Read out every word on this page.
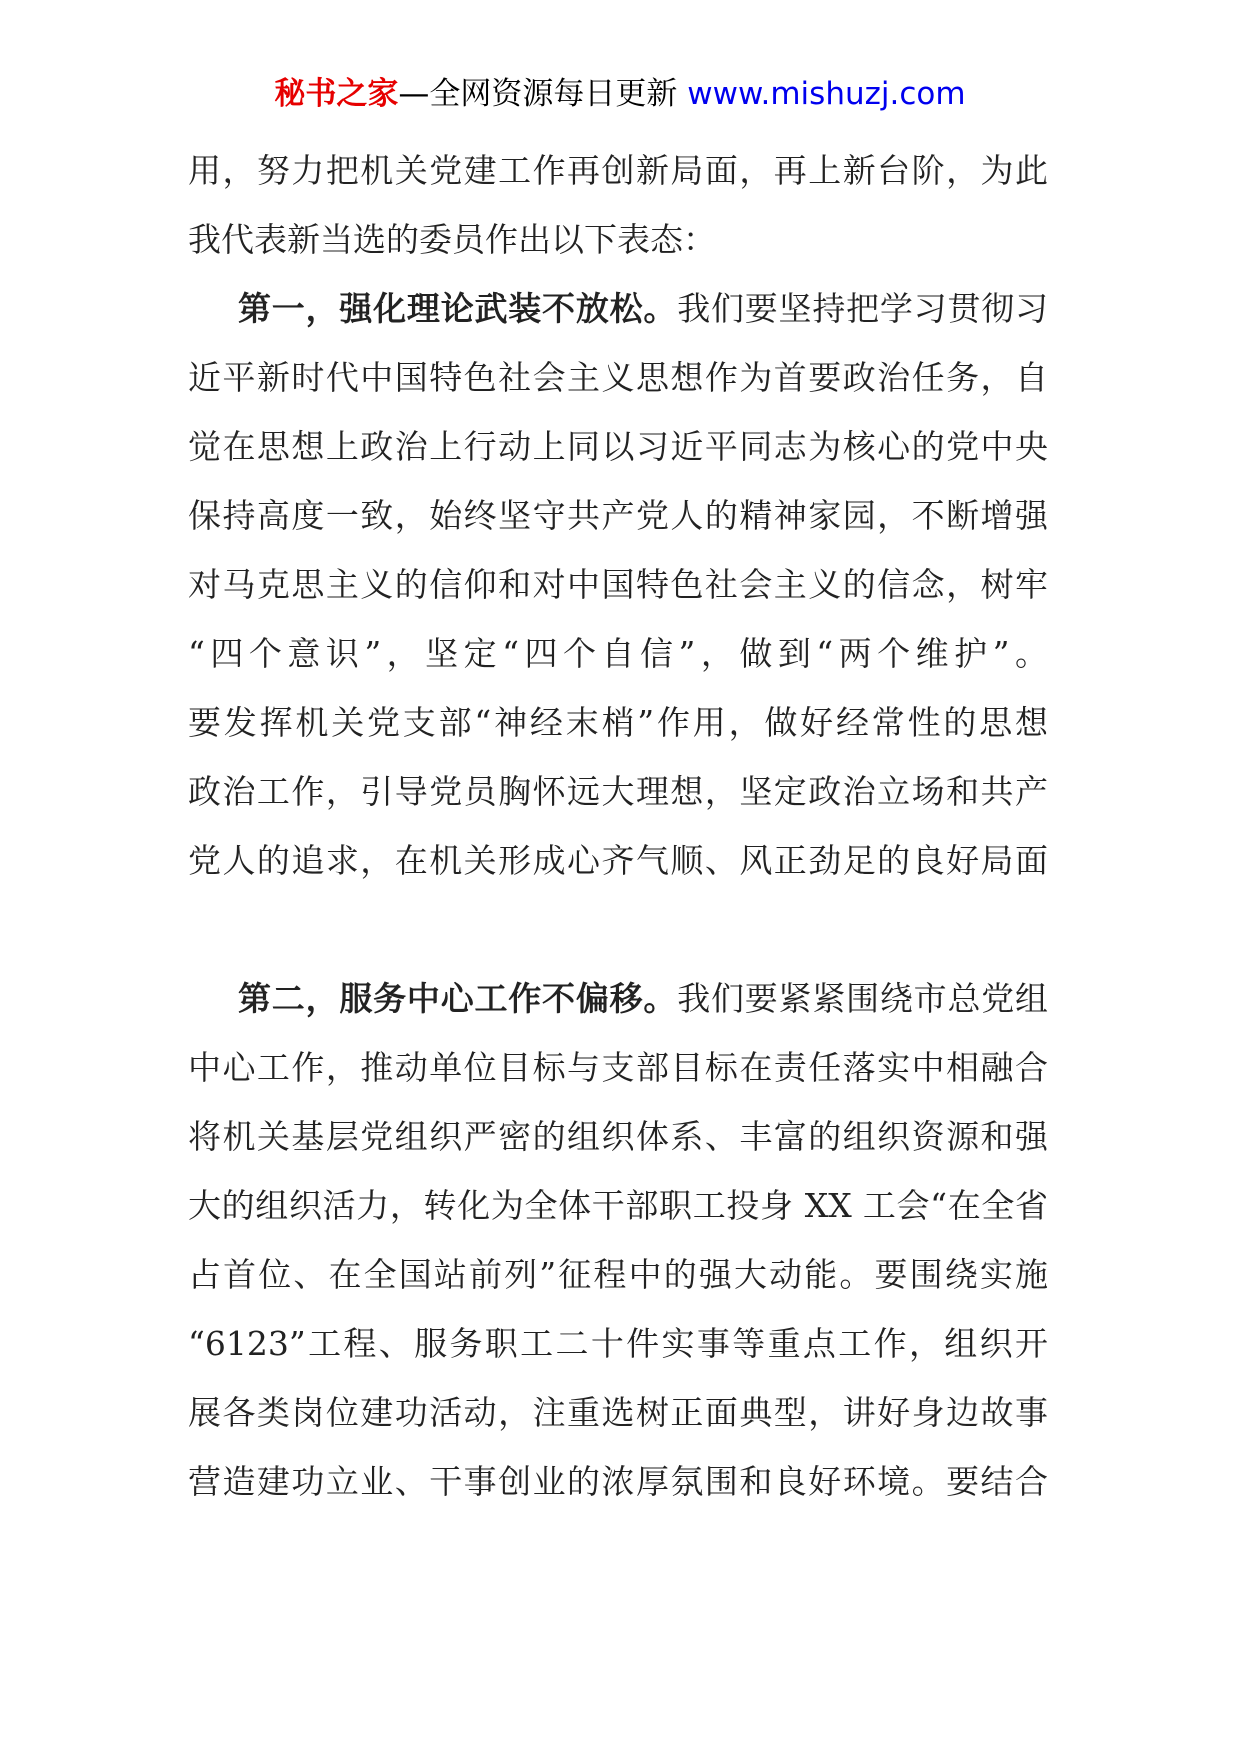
秘书之家—全网资源每日更新 www.mishuzj.com
用，努力把机关党建工作再创新局面，再上新台阶，为此
我代表新当选的委员作出以下表态：
第一，强化理论武装不放松。我们要坚持把学习贯彻习
近平新时代中国特色社会主义思想作为首要政治任务，自
觉在思想上政治上行动上同以习近平同志为核心的党中央
保持高度一致，始终坚守共产党人的精神家园，不断增强
对马克思主义的信仰和对中国特色社会主义的信念，树牢
“四个意识”，坚定“四个自信”，做到“两个维护”。
要发挥机关党支部“神经末梢”作用，做好经常性的思想
政治工作，引导党员胸怀远大理想，坚定政治立场和共产
党人的追求，在机关形成心齐气顺、风正劲足的良好局面
第二，服务中心工作不偏移。我们要紧紧围绕市总党组
中心工作，推动单位目标与支部目标在责任落实中相融合
将机关基层党组织严密的组织体系、丰富的组织资源和强
大的组织活力，转化为全体干部职工投身 XX 工会“在全省
占首位、在全国站前列”征程中的强大动能。要围绕实施
“6123”工程、服务职工二十件实事等重点工作，组织开
展各类岗位建功活动，注重选树正面典型，讲好身边故事
营造建功立业、干事创业的浓厚氛围和良好环境。要结合
